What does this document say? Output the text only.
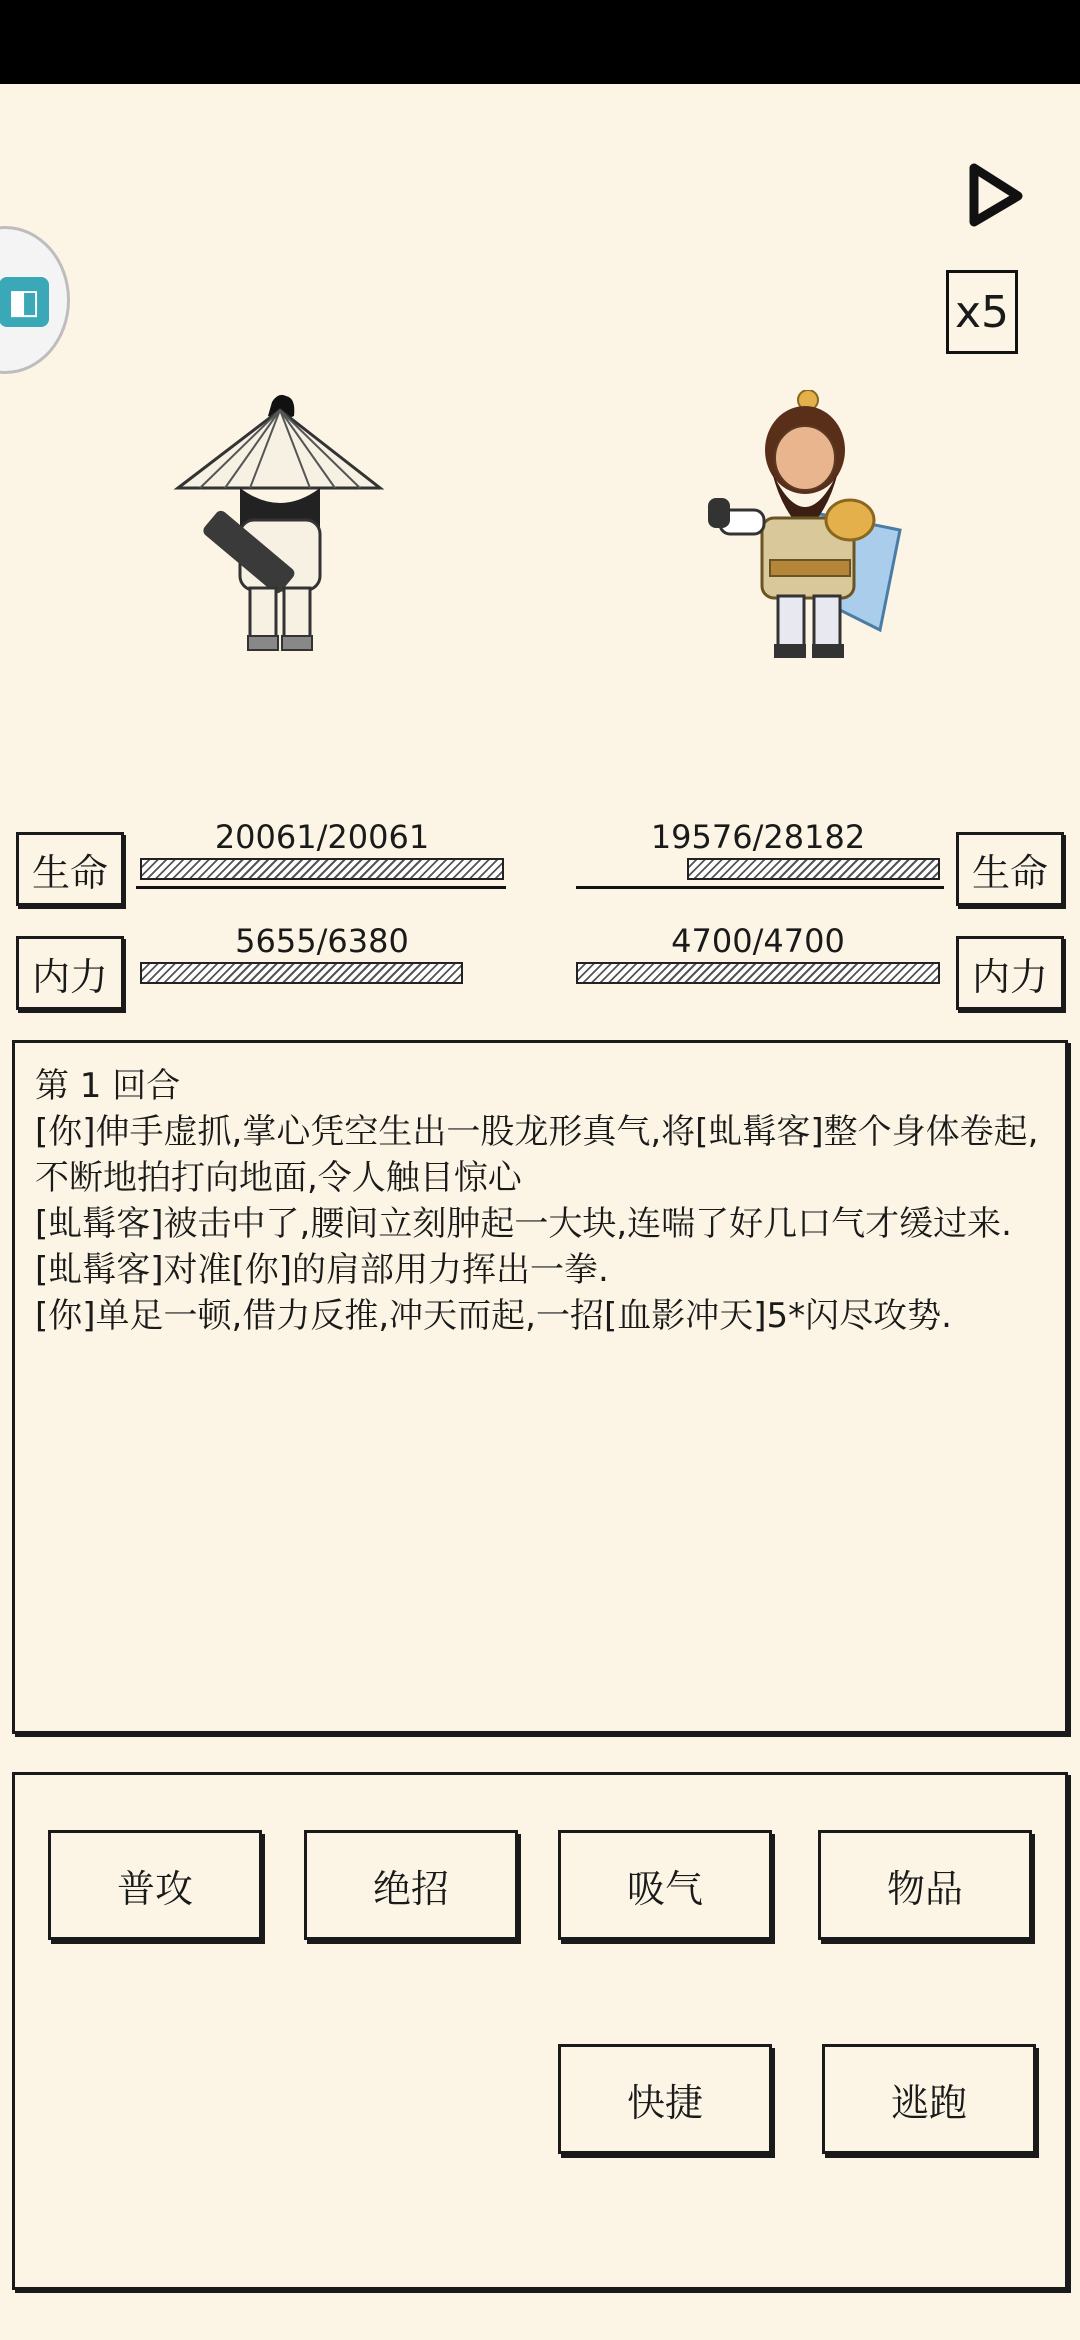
x5
◧
生命
20061/20061
内力
5655/6380
生命
19576/28182
内力
4700/4700
第 1 回合
[你]伸手虚抓,掌心凭空生出一股龙形真气,将[虬髯客]整个身体卷起,不断地拍打向地面,令人触目惊心
[虬髯客]被击中了,腰间立刻肿起一大块,连喘了好几口气才缓过来.
[虬髯客]对准[你]的肩部用力挥出一拳.
[你]单足一顿,借力反推,冲天而起,一招[血影冲天]5*闪尽攻势.
普攻	绝招	吸气	物品
快捷	逃跑
